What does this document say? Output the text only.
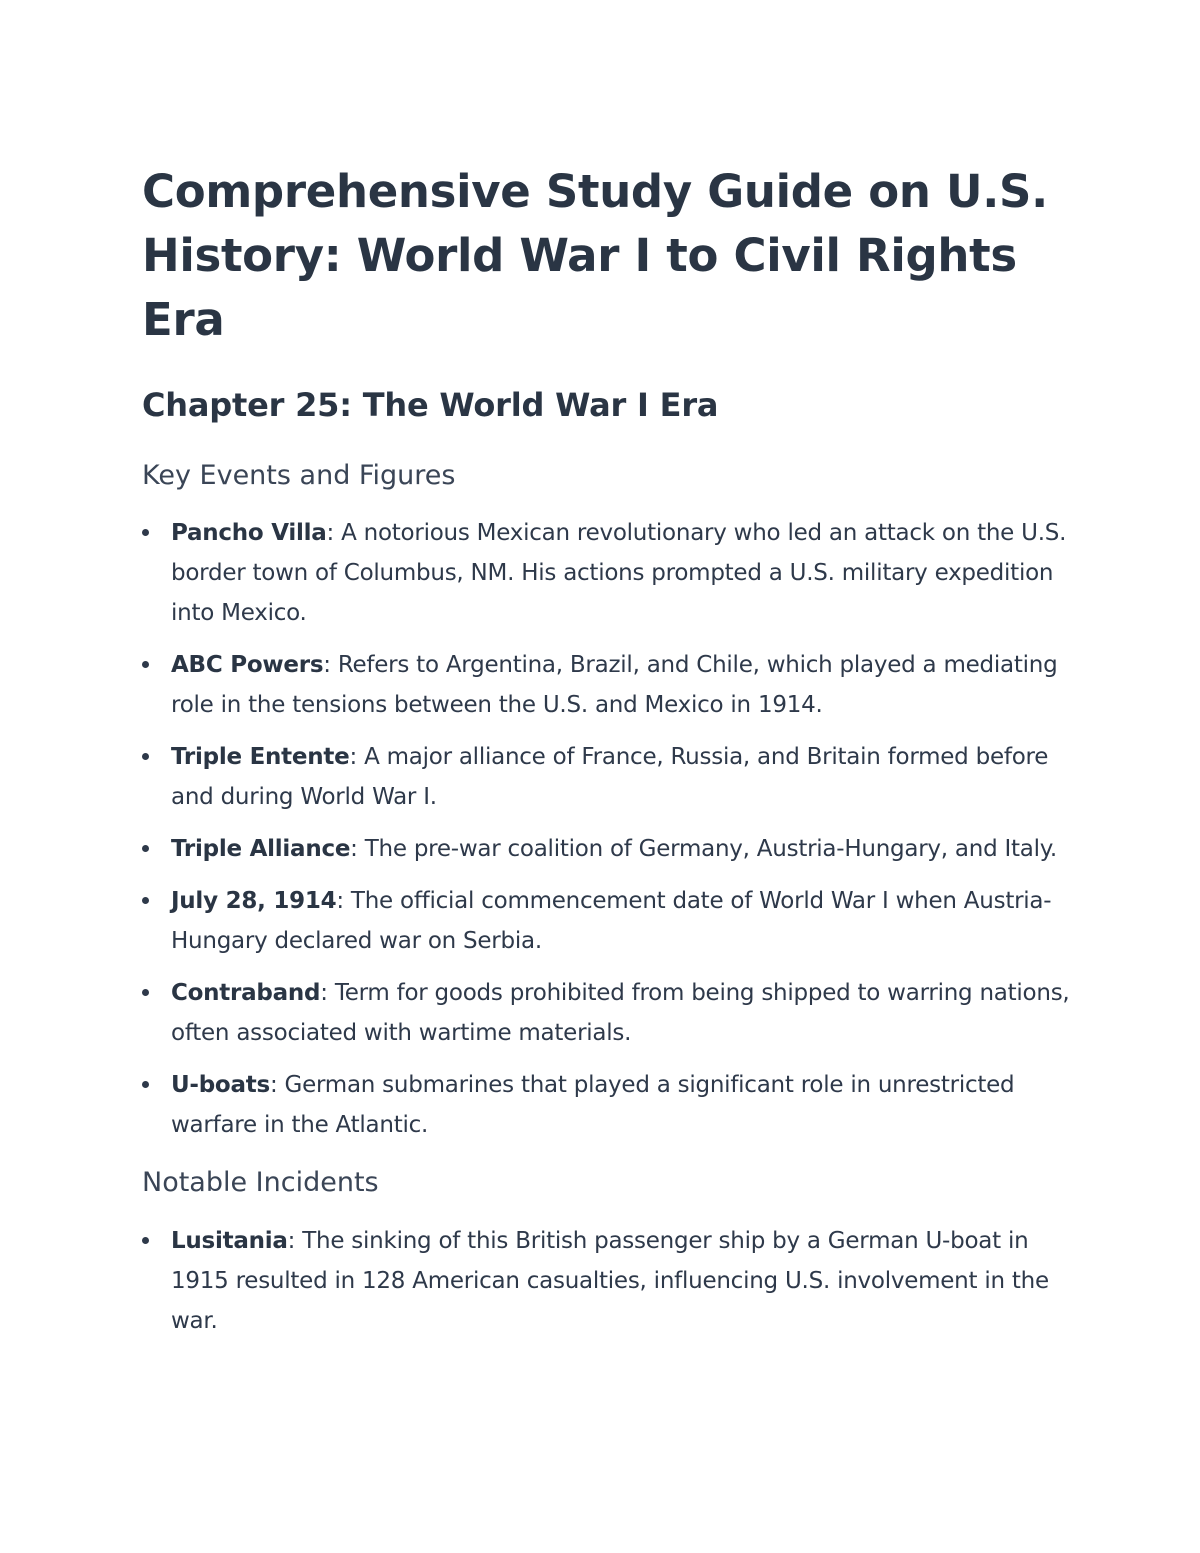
Comprehensive Study Guide on U.S. History: World War I to Civil Rights Era
Chapter 25: The World War I Era
Key Events and Figures
Pancho Villa: A notorious Mexican revolutionary who led an attack on the U.S. border town of Columbus, NM. His actions prompted a U.S. military expedition into Mexico.
ABC Powers: Refers to Argentina, Brazil, and Chile, which played a mediating role in the tensions between the U.S. and Mexico in 1914.
Triple Entente: A major alliance of France, Russia, and Britain formed before and during World War I.
Triple Alliance: The pre-war coalition of Germany, Austria-Hungary, and Italy.
July 28, 1914: The official commencement date of World War I when Austria-Hungary declared war on Serbia.
Contraband: Term for goods prohibited from being shipped to warring nations, often associated with wartime materials.
U-boats: German submarines that played a significant role in unrestricted warfare in the Atlantic.
Notable Incidents
Lusitania: The sinking of this British passenger ship by a German U-boat in 1915 resulted in 128 American casualties, influencing U.S. involvement in the war.
